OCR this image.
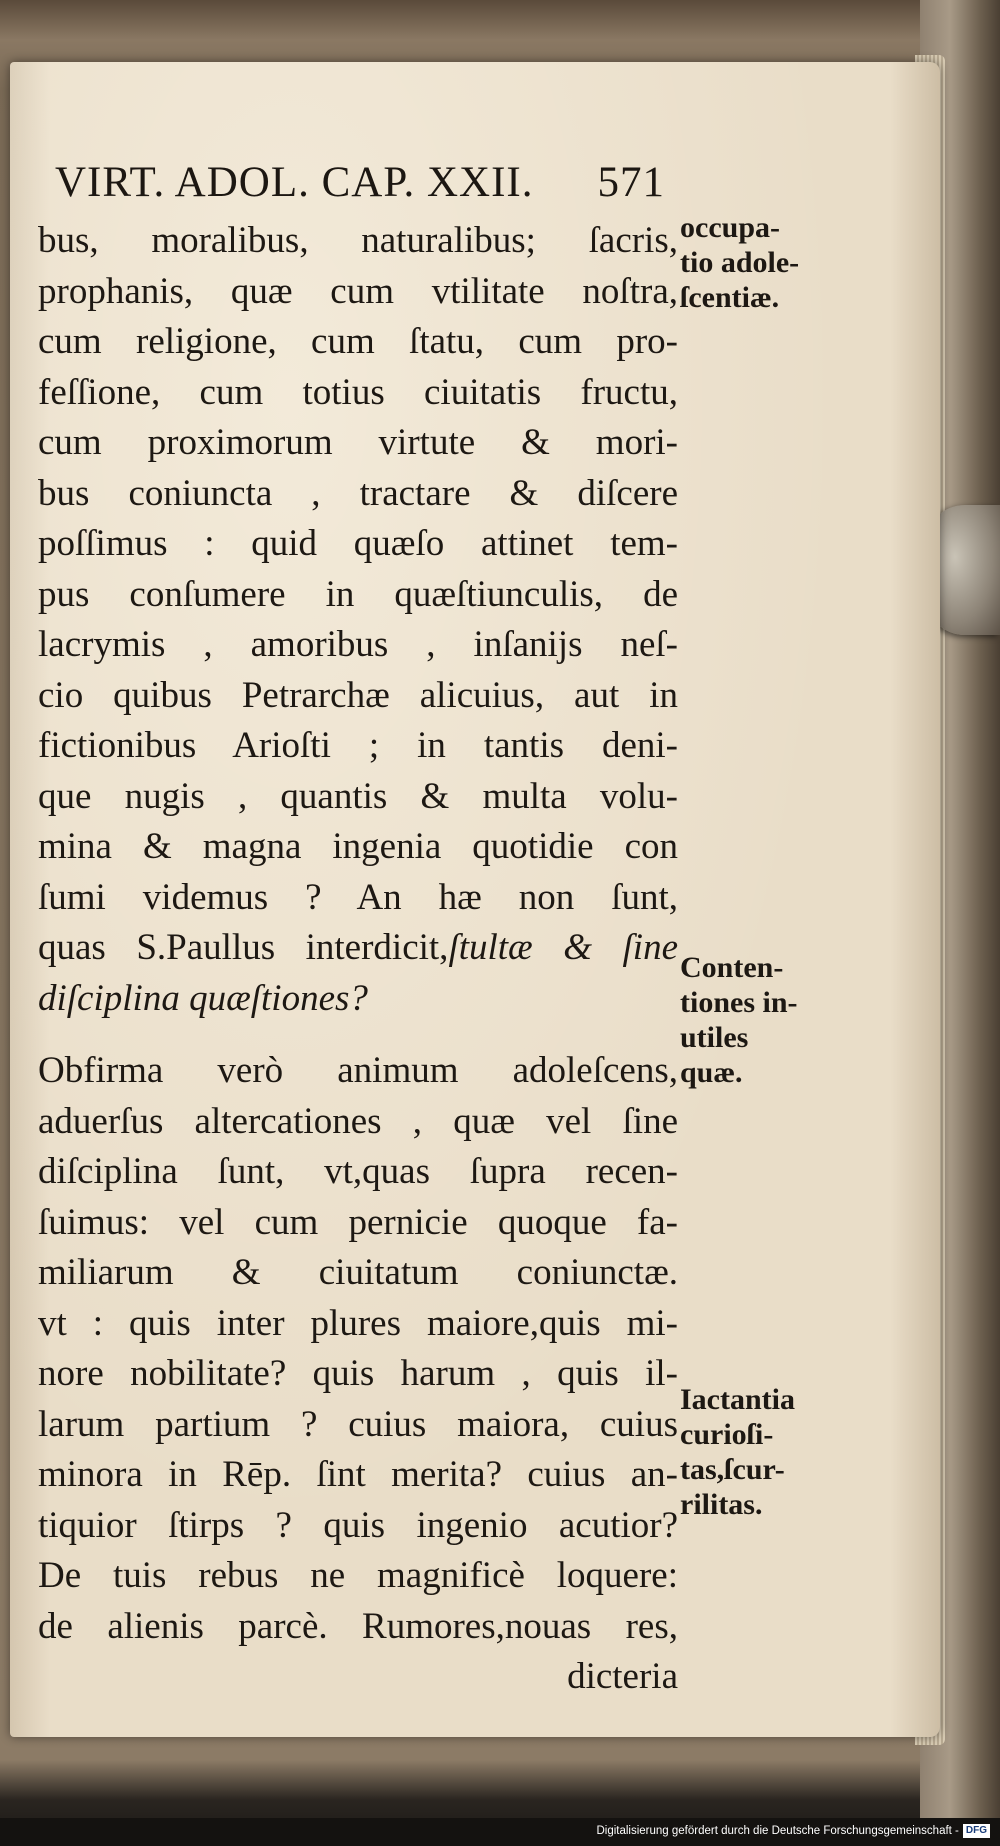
VIRT. ADOL. CAP. XXII. 571
bus, moralibus, naturalibus; ſacris,
prophanis, quæ cum vtilitate noſtra,
cum religione, cum ſtatu, cum pro-
feſſione, cum totius ciuitatis fructu,
cum proximorum virtute & mori-
bus coniuncta , tractare & diſcere
poſſimus : quid quæſo attinet tem-
pus conſumere in quæſtiunculis, de
lacrymis , amoribus , inſanijs neſ-
cio quibus Petrarchæ alicuius, aut in
fictionibus Arioſti ; in tantis deni-
que nugis , quantis & multa volu-
mina & magna ingenia quotidie con
ſumi videmus ? An hæ non ſunt,
quas S.Paullus interdicit,ſtultæ & ſine
diſciplina quæſtiones?
Obfirma verò animum adoleſcens,
aduerſus altercationes , quæ vel ſine
diſciplina ſunt, vt,quas ſupra recen-
ſuimus: vel cum pernicie quoque fa-
miliarum & ciuitatum coniunctæ.
vt : quis inter plures maiore,quis mi-
nore nobilitate? quis harum , quis il-
larum partium ? cuius maiora, cuius
minora in Rēp. ſint merita? cuius an-
tiquior ſtirps ? quis ingenio acutior?
De tuis rebus ne magnificè loquere:
de alienis parcè. Rumores,nouas res,
dicteria
occupa-
tio adole-
ſcentiæ.
Conten-
tiones in-
utiles
quæ.
Iactantia
curioſi-
tas,ſcur-
rilitas.
Digitalisierung gefördert durch die Deutsche Forschungsgemeinschaft - DFG
